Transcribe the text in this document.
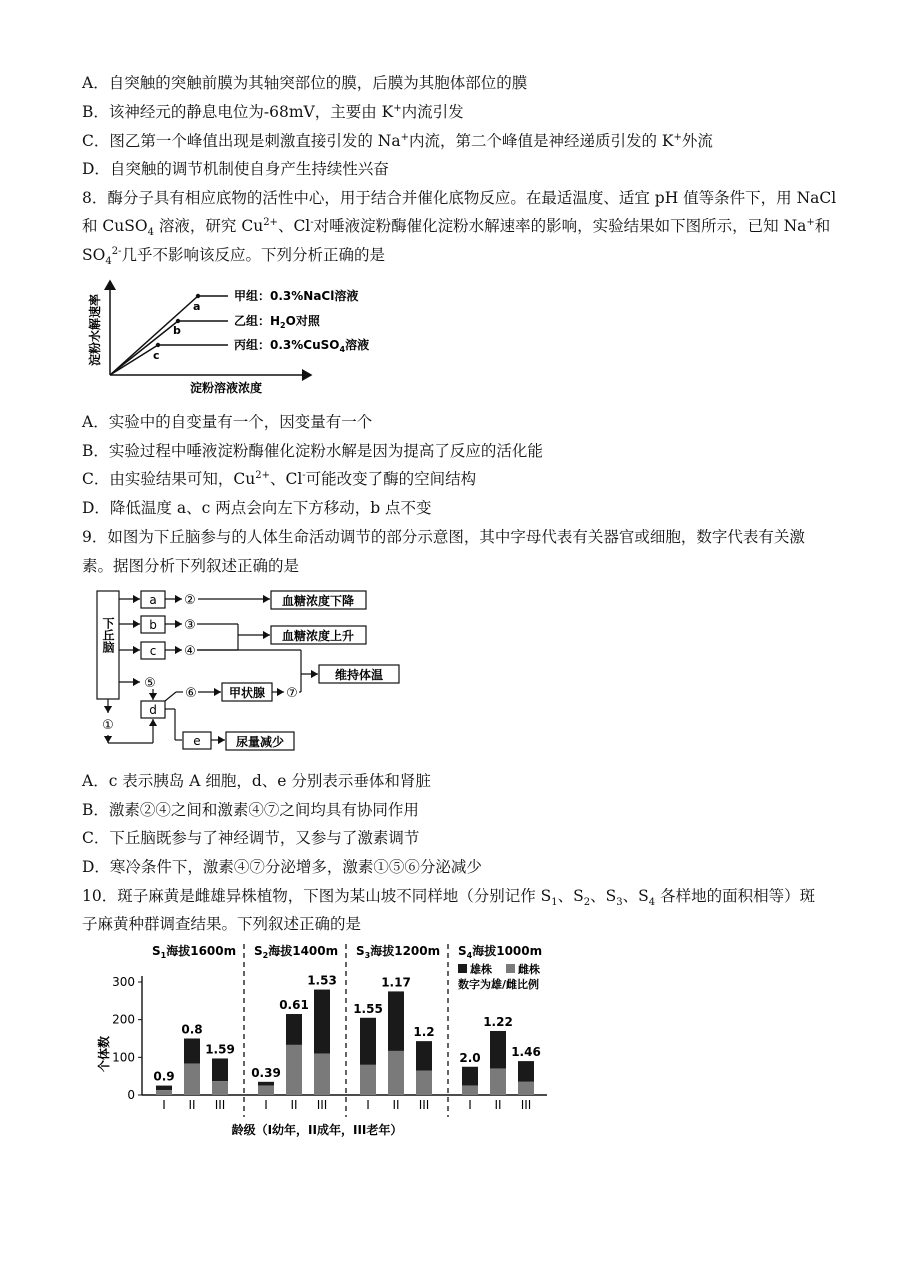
A．自突触的突触前膜为其轴突部位的膜，后膜为其胞体部位的膜
B．该神经元的静息电位为-68mV，主要由 K+内流引发
C．图乙第一个峰值出现是刺激直接引发的 Na+内流，第二个峰值是神经递质引发的 K+外流
D．自突触的调节机制使自身产生持续性兴奋
8．酶分子具有相应底物的活性中心，用于结合并催化底物反应。在最适温度、适宜 pH 值等条件下，用 NaCl
和 CuSO$_4$ 溶液，研究 $Cu^{2+}$、Cl-对唾液淀粉酶催化淀粉水解速率的影响，实验结果如下图所示，已知 Na+和
$SO_4^{2-}$几乎不影响该反应。下列分析正确的是
淀粉水解速率
淀粉溶液浓度
a
b
c
甲组：0.3%NaCl溶液
乙组：$H_2O$对照
丙组：0.3%CuSO$_4$溶液
A．实验中的自变量有一个，因变量有一个
B．实验过程中唾液淀粉酶催化淀粉水解是因为提高了反应的活化能
C．由实验结果可知，$Cu^{2+}$、Cl-可能改变了酶的空间结构
D．降低温度 a、c 两点会向左下方移动，b 点不变
9．如图为下丘脑参与的人体生命活动调节的部分示意图，其中字母代表有关器官或细胞，数字代表有关激
素。据图分析下列叙述正确的是
下丘脑
a
b
c
d
e
②
③
④
⑤
⑥	⑦
①
甲状腺
血糖浓度下降
血糖浓度上升
维持体温
尿量减少
A．c 表示胰岛 A 细胞，d、e 分别表示垂体和肾脏
B．激素②④之间和激素④⑦之间均具有协同作用
C．下丘脑既参与了神经调节，又参与了激素调节
D．寒冷条件下，激素④⑦分泌增多，激素①⑤⑥分泌减少
10．斑子麻黄是雌雄异株植物，下图为某山坡不同样地（分别记作 $S_1$、$S_2$、$S_3$、$S_4$ 各样地的面积相等）斑
子麻黄种群调查结果。下列叙述正确的是
个体数
龄级（I幼年，II成年，III老年）
0
100
200
300
$S_1$海拔1600m
0.9
I
0.8
II
1.59
III
$S_2$海拔1400m
0.39
I
0.61
II
1.53
III
$S_3$海拔1200m
1.55
I
1.17
II
1.2
III
$S_4$海拔1000m
2.0
I
1.22
II
1.46
III
雄株 雌株
数字为雄/雌比例
